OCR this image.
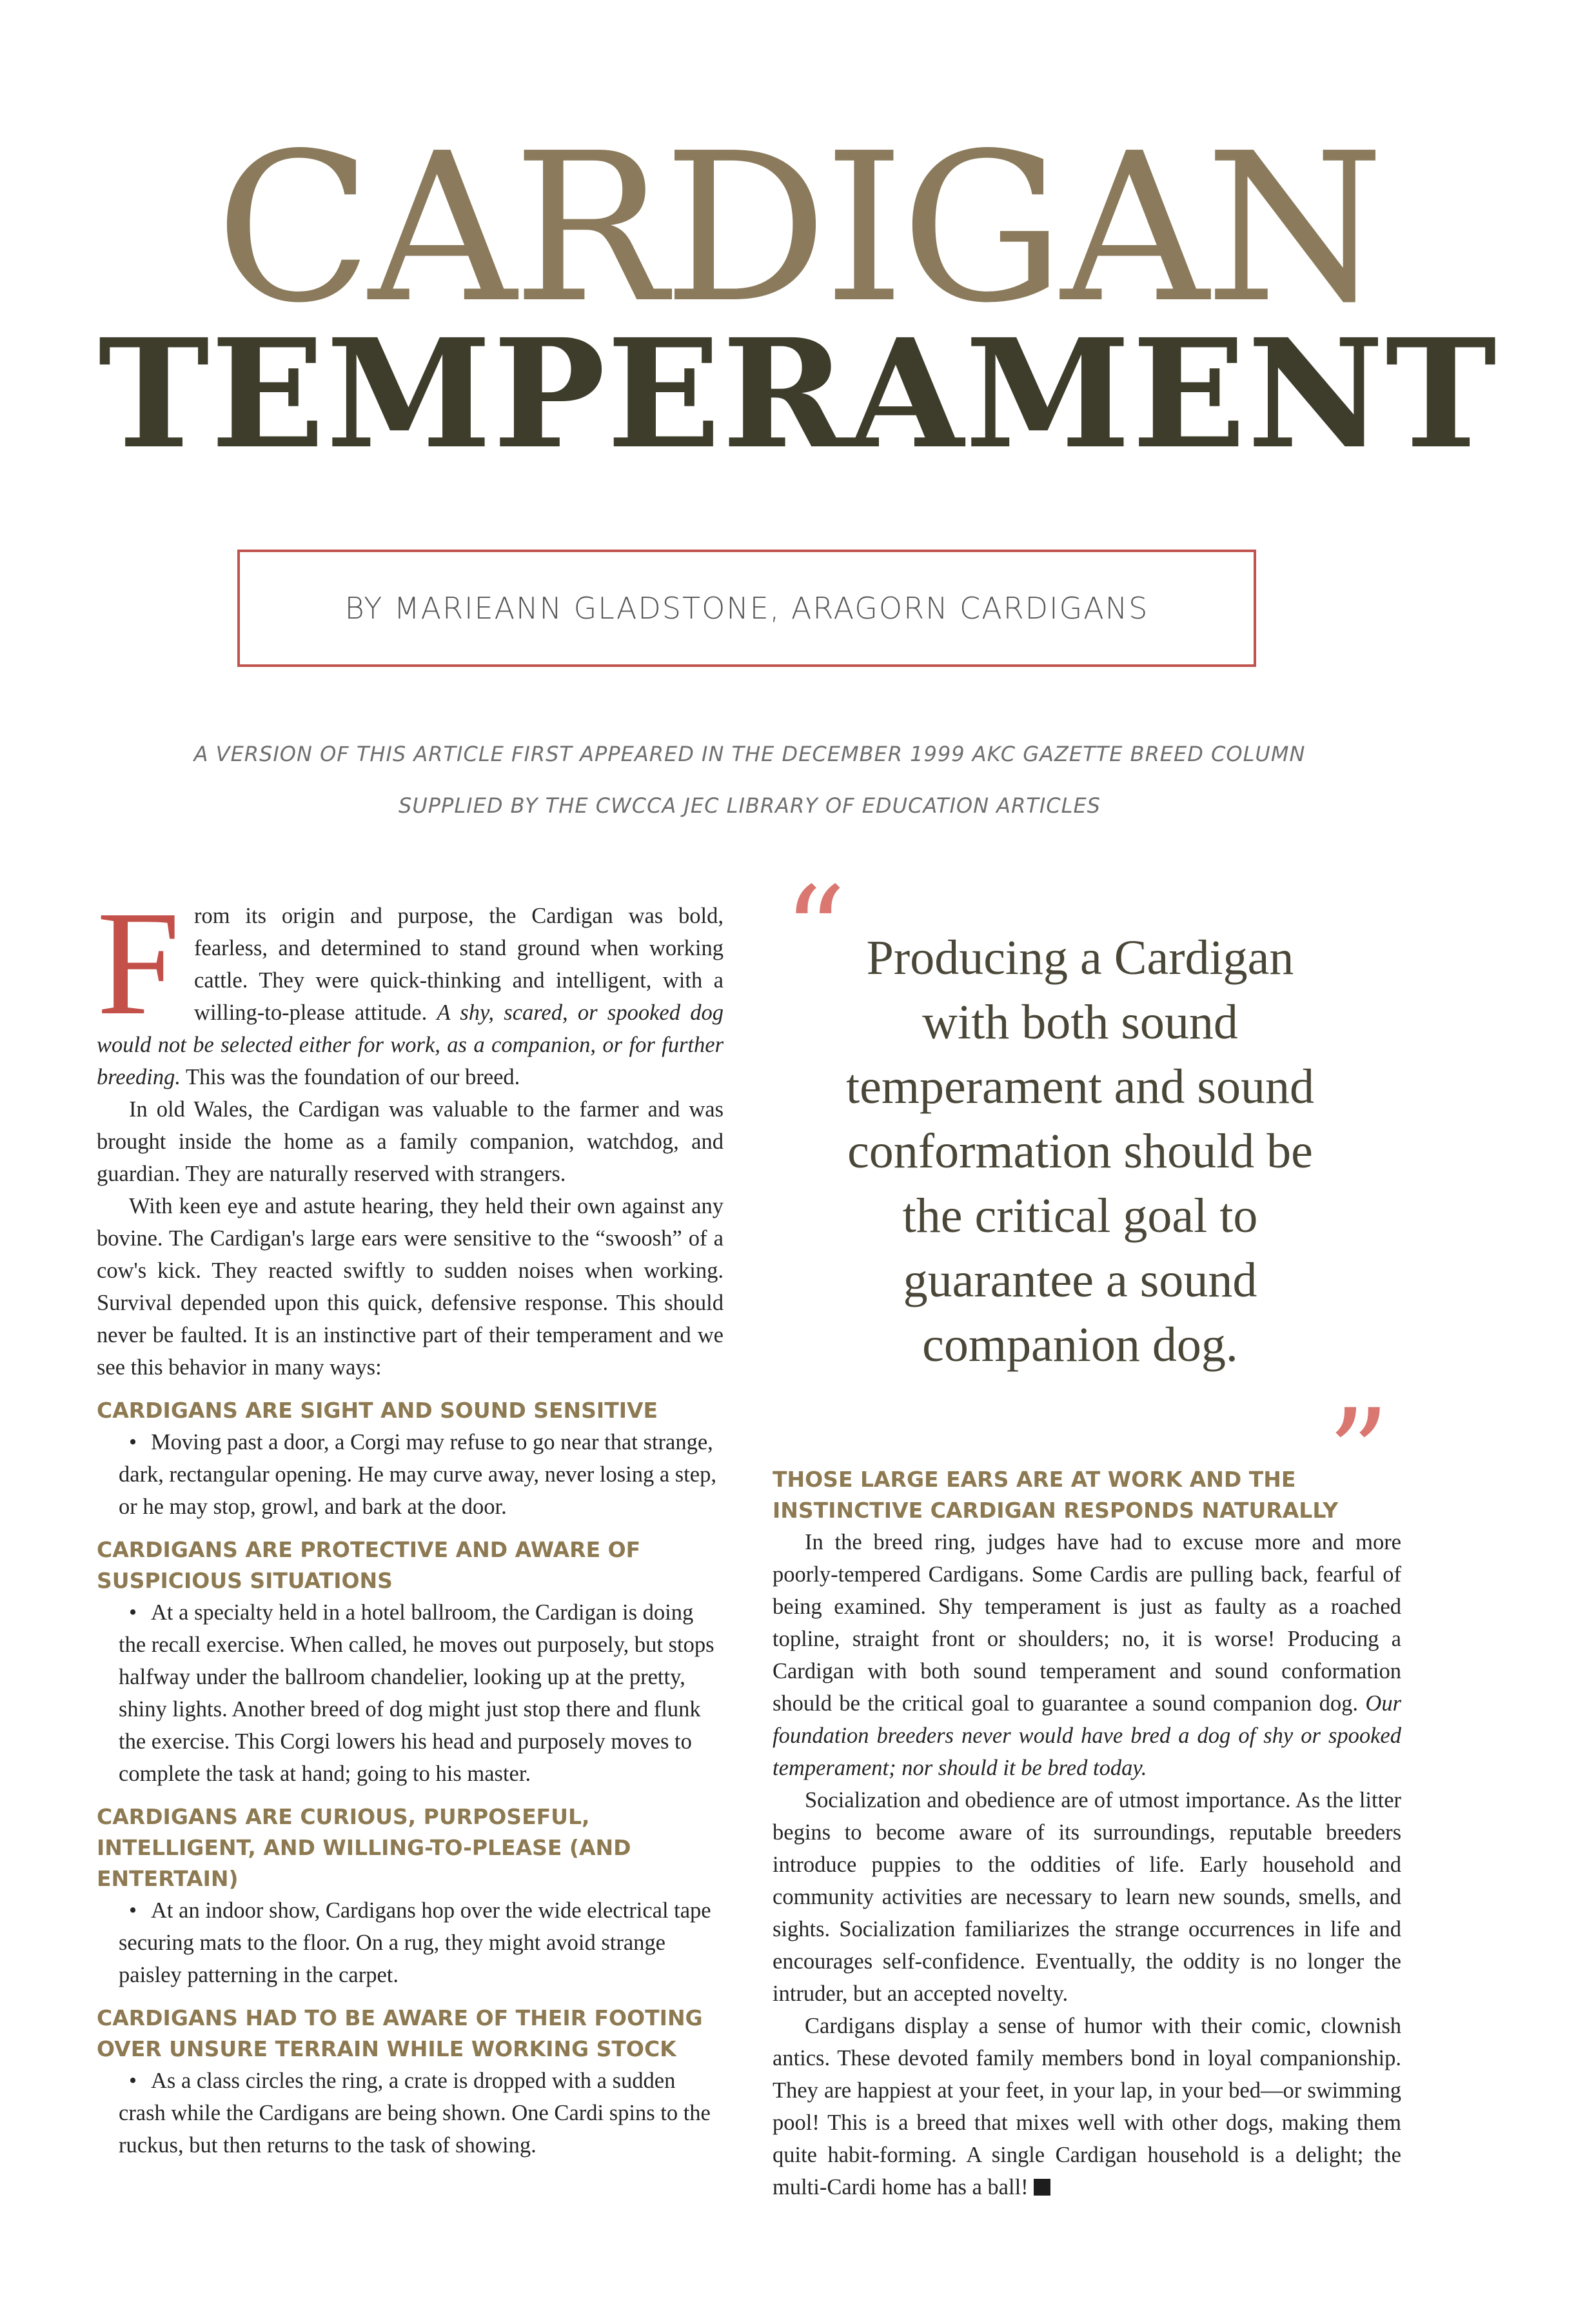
CARDIGAN
TEMPERAMENT
BY MARIEANN GLADSTONE, ARAGORN CARDIGANS
A VERSION OF THIS ARTICLE FIRST APPEARED IN THE DECEMBER 1999 AKC GAZETTE BREED COLUMN
SUPPLIED BY THE CWCCA JEC LIBRARY OF EDUCATION ARTICLES

From its origin and purpose, the Cardigan was bold, fearless, and determined to stand ground when working cattle. They were quick-thinking and intelligent, with a willing-to-please attitude. A shy, scared, or spooked dog would not be selected either for work, as a companion, or for further breeding. This was the foundation of our breed.

In old Wales, the Cardigan was valuable to the farmer and was brought inside the home as a family companion, watchdog, and guardian. They are naturally reserved with strangers.

With keen eye and astute hearing, they held their own against any bovine. The Cardigan's large ears were sensitive to the “swoosh” of a cow's kick. They reacted swiftly to sudden noises when working. Survival depended upon this quick, defensive response. This should never be faulted. It is an instinctive part of their temperament and we see this behavior in many ways:

CARDIGANS ARE SIGHT AND SOUND SENSITIVE

• Moving past a door, a Corgi may refuse to go near that strange, dark, rectangular opening. He may curve away, never losing a step, or he may stop, growl, and bark at the door.

CARDIGANS ARE PROTECTIVE AND AWARE OF SUSPICIOUS SITUATIONS

• At a specialty held in a hotel ballroom, the Cardigan is doing the recall exercise. When called, he moves out purposely, but stops halfway under the ballroom chandelier, looking up at the pretty, shiny lights. Another breed of dog might just stop there and flunk the exercise. This Corgi lowers his head and purposely moves to complete the task at hand; going to his master.

CARDIGANS ARE CURIOUS, PURPOSEFUL, INTELLIGENT, AND WILLING-TO-PLEASE (AND ENTERTAIN)

• At an indoor show, Cardigans hop over the wide electrical tape securing mats to the floor. On a rug, they might avoid strange paisley patterning in the carpet.

CARDIGANS HAD TO BE AWARE OF THEIR FOOTING OVER UNSURE TERRAIN WHILE WORKING STOCK

• As a class circles the ring, a crate is dropped with a sudden crash while the Cardigans are being shown. One Cardi spins to the ruckus, but then returns to the task of showing.

“ Producing a Cardigan with both sound temperament and sound conformation should be the critical goal to guarantee a sound companion dog.
”
THOSE LARGE EARS ARE AT WORK AND THE INSTINCTIVE CARDIGAN RESPONDS NATURALLY

In the breed ring, judges have had to excuse more and more poorly-tempered Cardigans. Some Cardis are pulling back, fearful of being examined. Shy temperament is just as faulty as a roached topline, straight front or shoulders; no, it is worse! Producing a Cardigan with both sound temperament and sound conformation should be the critical goal to guarantee a sound companion dog. Our foundation breeders never would have bred a dog of shy or spooked temperament; nor should it be bred today.

Socialization and obedience are of utmost importance. As the litter begins to become aware of its surroundings, reputable breeders introduce puppies to the oddities of life. Early household and community activities are necessary to learn new sounds, smells, and sights. Socialization familiarizes the strange occurrences in life and encourages self-confidence. Eventually, the oddity is no longer the intruder, but an accepted novelty.

Cardigans display a sense of humor with their comic, clownish antics. These devoted family members bond in loyal companionship. They are happiest at your feet, in your lap, in your bed—or swimming pool! This is a breed that mixes well with other dogs, making them quite habit-forming. A single Cardigan household is a delight; the multi-Cardi home has a ball!
